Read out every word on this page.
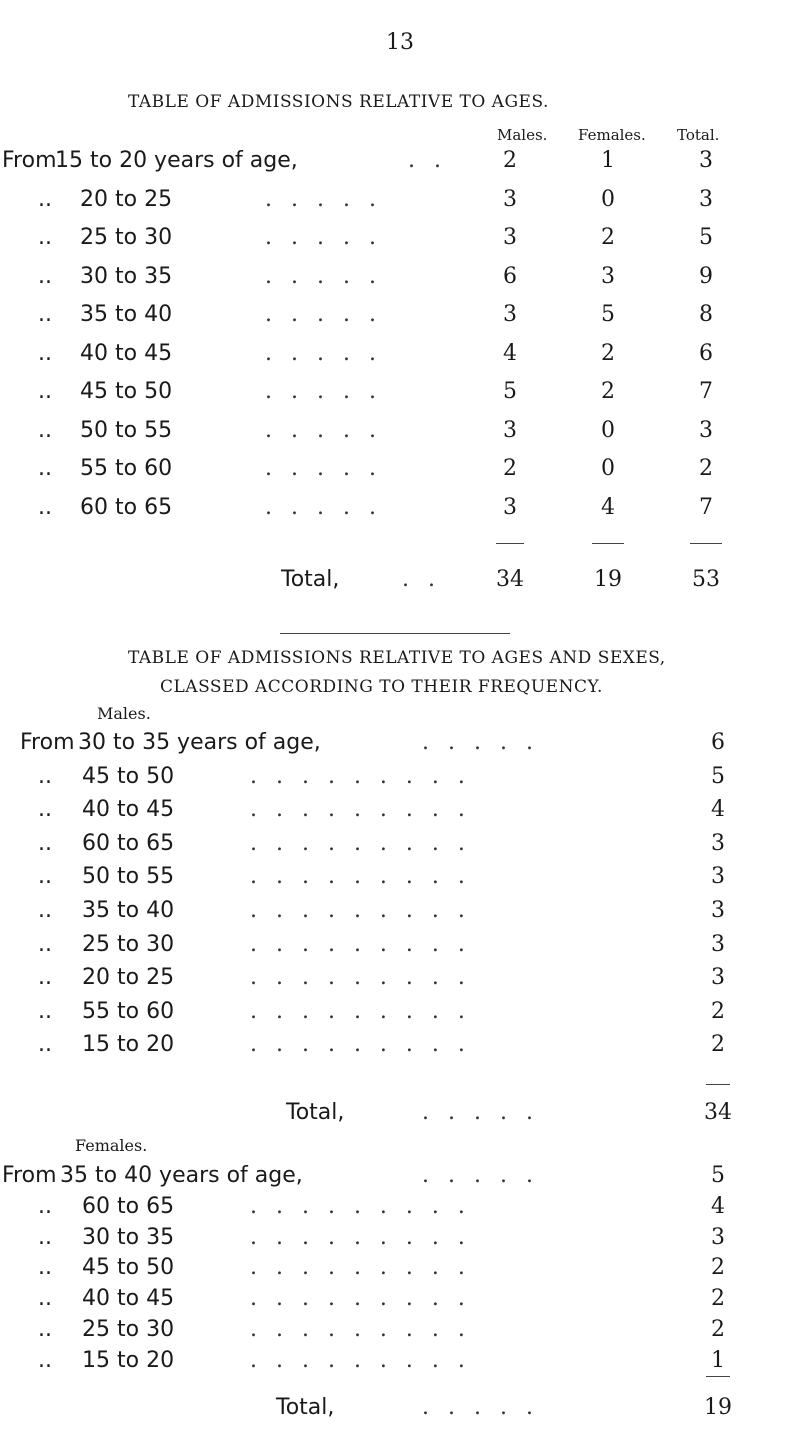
13
TABLE OF ADMISSIONS RELATIVE TO AGES.
Males. Females. Total.
From
15 to 20 years of age,	. .	2	1	3
.. 20 to 25	. . . . .	3	0	3
.. 25 to 30	. . . . .	3	2	5
.. 30 to 35	. . . . .	6	3	9
.. 35 to 40	. . . . .	3	5	8
.. 40 to 45	. . . . .	4	2	6
.. 45 to 50	. . . . .	5	2	7
.. 50 to 55	. . . . .	3	0	3
.. 55 to 60	. . . . .	2	0	2
.. 60 to 65	. . . . .	3	4	7
Total,	. .	34	19	53
TABLE OF ADMISSIONS RELATIVE TO AGES AND SEXES,
CLASSED ACCORDING TO THEIR FREQUENCY.
Males.
From 30 to 35 years of age,	. . . . .	6
.. 45 to 50	. . . . . . . . .	5
.. 40 to 45	. . . . . . . . .	4
.. 60 to 65	. . . . . . . . .	3
.. 50 to 55	. . . . . . . . .	3
.. 35 to 40	. . . . . . . . .	3
.. 25 to 30	. . . . . . . . .	3
.. 20 to 25	. . . . . . . . .	3
.. 55 to 60	. . . . . . . . .	2
.. 15 to 20	. . . . . . . . .	2
Total,	. . . . .	34
Females.
From 35 to 40 years of age,	. . . . .	5
.. 60 to 65	. . . . . . . . .	4
.. 30 to 35	. . . . . . . . .	3
.. 45 to 50	. . . . . . . . .	2
.. 40 to 45	. . . . . . . . .	2
.. 25 to 30	. . . . . . . . .	2
.. 15 to 20	. . . . . . . . .	1
Total,	. . . . .	19
